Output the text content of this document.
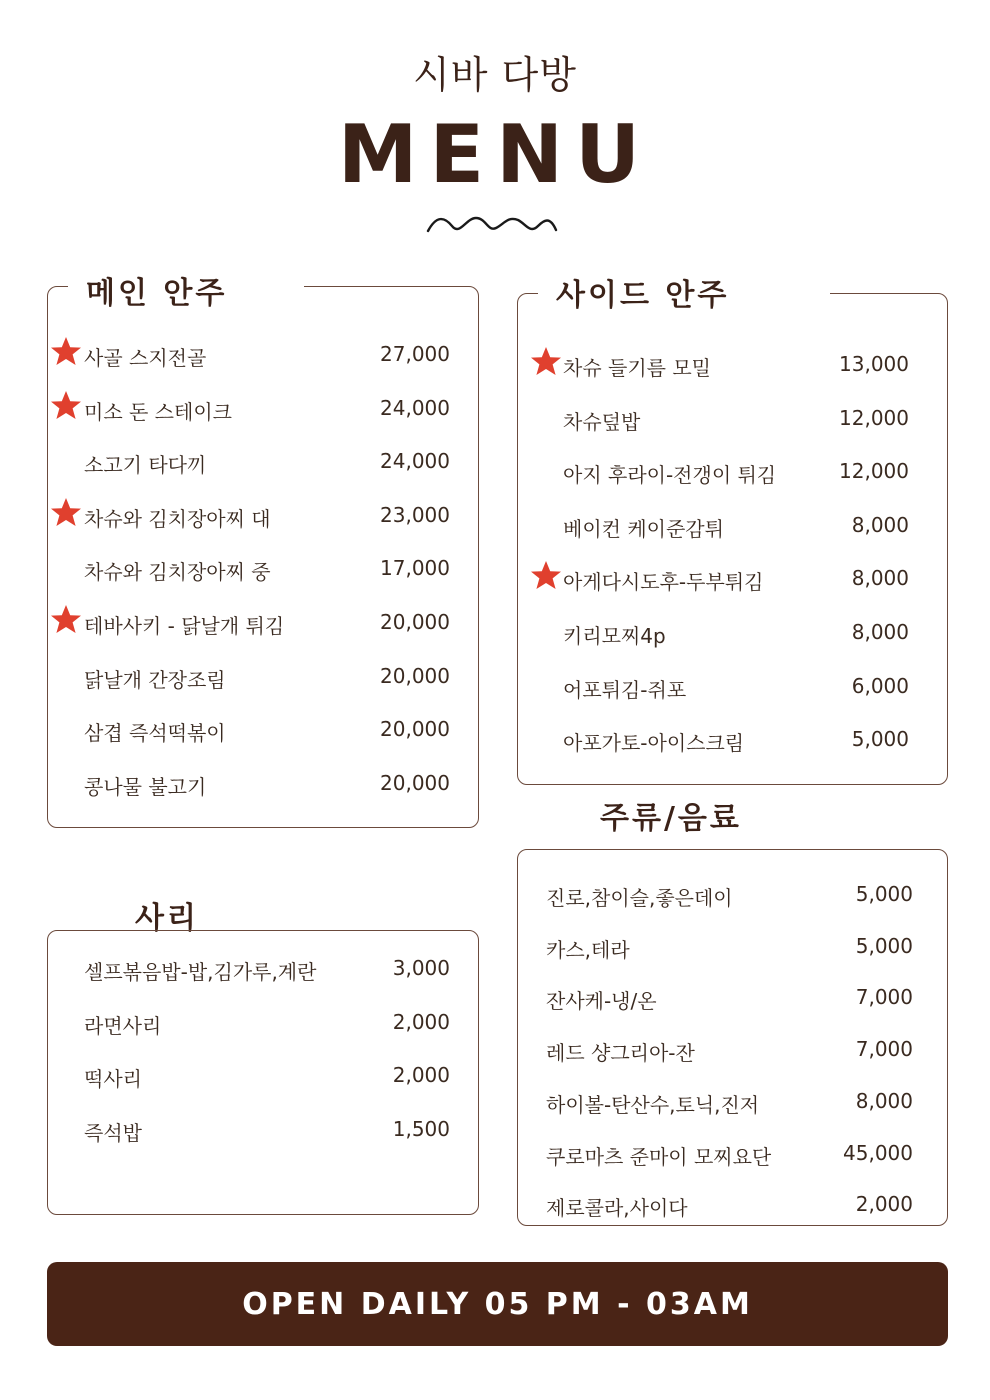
시바 다방
MENU
메인 안주
사골 스지전골	27,000
미소 돈 스테이크	24,000
소고기 타다끼	24,000
차슈와 김치장아찌 대	23,000
차슈와 김치장아찌 중	17,000
테바사키 - 닭날개 튀김	20,000
닭날개 간장조림	20,000
삼겹 즉석떡볶이	20,000
콩나물 불고기	20,000
사이드 안주
차슈 들기름 모밀	13,000
차슈덮밥	12,000
아지 후라이-전갱이 튀김	12,000
베이컨 케이준감튀	8,000
아게다시도후-두부튀김	8,000
키리모찌4p	8,000
어포튀김-쥐포	6,000
아포가토-아이스크림	5,000
주류/음료
진로,참이슬,좋은데이	5,000
카스,테라	5,000
잔사케-냉/온	7,000
레드 샹그리아-잔	7,000
하이볼-탄산수,토닉,진저	8,000
쿠로마츠 준마이 모찌요단	45,000
제로콜라,사이다	2,000
사리
셀프볶음밥-밥,김가루,계란	3,000
라면사리	2,000
떡사리	2,000
즉석밥	1,500
OPEN DAILY 05 PM - 03AM
